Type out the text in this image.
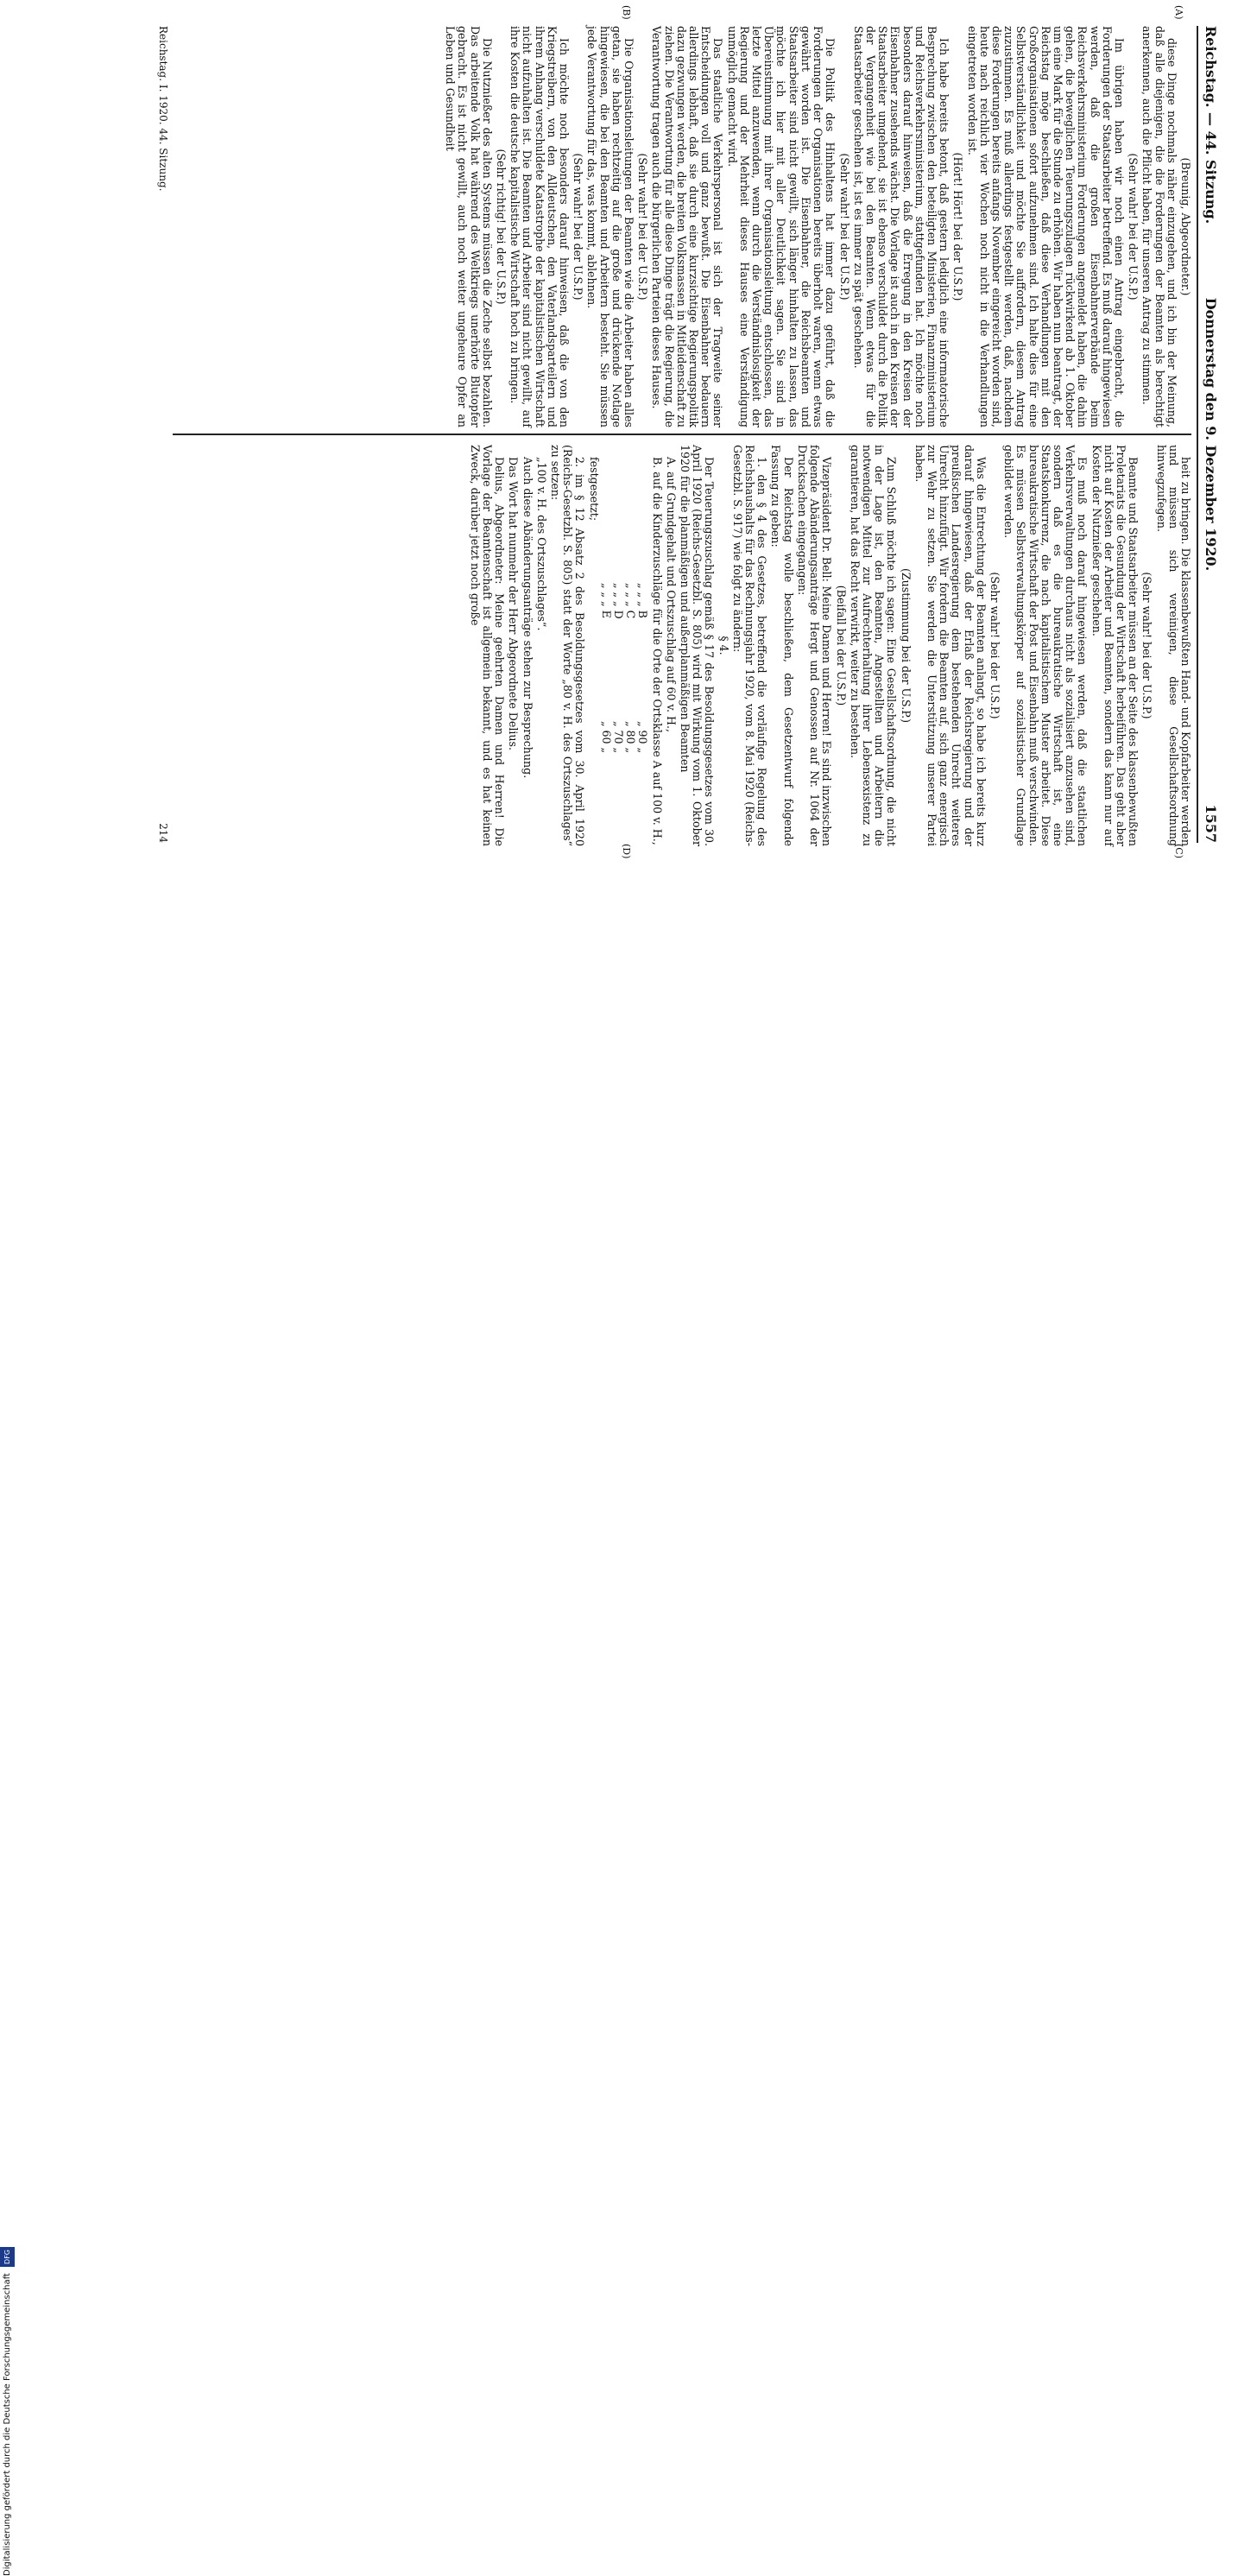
Reichstag. — 44. Sitzung.
Donnerstag den 9. Dezember 1920.
1557
(A)
(B)
(C)
(D)

(Breunig, Abgeordneter.)

diese Dinge nochmals näher einzugehen, und ich bin der Meinung, daß alle diejenigen, die die Forderungen der Beamten als berechtigt anerkennen, auch die Pflicht haben, für unseren Antrag zu stimmen.

(Sehr wahr! bei der U.S.P.)

Im übrigen haben wir noch einen Antrag eingebracht, die Forderungen der Staatsarbeiter betreffend. Es muß darauf hingewiesen werden, daß die großen Eisenbahnerverbände beim Reichsverkehrsministerium Forderungen angemeldet haben, die dahin gehen, die beweglichen Teuerungszulagen rückwirkend ab 1. Oktober um eine Mark für die Stunde zu erhöhen. Wir haben nun beantragt, der Reichstag möge beschließen, daß diese Verhandlungen mit den Großorganisationen sofort aufzunehmen sind. Ich halte dies für eine Selbstverständlichkeit und möchte Sie auffordern, diesem Antrag zuzustimmen. Es muß allerdings festgestellt werden, daß, nachdem diese Forderungen bereits anfangs November eingereicht worden sind, heute nach reichlich vier Wochen noch nicht in die Verhandlungen eingetreten worden ist.

(Hört! Hört! bei der U.S.P.)

Ich habe bereits betont, daß gestern lediglich eine informatorische Besprechung zwischen den beteiligten Ministerien, Finanzministerium und Reichsverkehrsministerium, stattgefunden hat. Ich möchte noch besonders darauf hinweisen, daß die Erregung in den Kreisen der Eisenbahner zusehends wächst. Die Vorlage ist auch in den Kreisen der Staatsarbeiter umgehend, sie ist ebenso verschuldet durch die Politik der Vergangenheit wie bei den Beamten. Wenn etwas für die Staatsarbeiter geschehen ist, ist es immer zu spät geschehen.

(Sehr wahr! bei der U.S.P.)

Die Politik des Hinhaltens hat immer dazu geführt, daß die Forderungen der Organisationen bereits überholt waren, wenn etwas gewährt worden ist. Die Eisenbahner, die Reichsbeamten und Staatsarbeiter sind nicht gewillt, sich länger hinhalten zu lassen, das möchte ich hier mit aller Deutlichkeit sagen. Sie sind in Übereinstimmung mit ihrer Organisationsleitung entschlossen, das letzte Mittel anzuwenden, wenn durch die Verständnislosigkeit der Regierung und der Mehrheit dieses Hauses eine Verständigung unmöglich gemacht wird.

Das staatliche Verkehrspersonal ist sich der Tragweite seiner Entscheidungen voll und ganz bewußt. Die Eisenbahner bedauern allerdings lebhaft, daß sie durch eine kurzsichtige Regierungspolitik dazu gezwungen werden, die breiten Volksmassen in Mitleidenschaft zu ziehen. Die Verantwortung für alle diese Dinge trägt die Regierung, die Verantwortung tragen auch die bürgerlichen Parteien dieses Hauses.

(Sehr wahr! bei der U.S.P.)

Die Organisationsleitungen der Beamten wie die Arbeiter haben alles getan, sie haben rechtzeitig auf die große und drückende Notlage hingewiesen, die bei den Beamten und Arbeitern besteht. Sie müssen jede Verantwortung für das, was kommt, ablehnen.

(Sehr wahr! bei der U.S.P.)

Ich möchte noch besonders darauf hinweisen, daß die von den Kriegstreibern, von den Alldeutschen, den Vaterlandsparteilern und ihrem Anhang verschuldete Katastrophe der kapitalistischen Wirtschaft nicht aufzuhalten ist. Die Beamten und Arbeiter sind nicht gewillt, auf ihre Kosten die deutsche kapitalistische Wirtschaft hoch zu bringen.

(Sehr richtig! bei der U.S.P.)

Die Nutznießer des alten Systems müssen die Zeche selbst bezahlen. Das arbeitende Volk hat während des Weltkriegs unerhörte Blutopfer gebracht. Es ist nicht gewillt, auch noch weiter ungeheure Opfer an Leben und Gesundheit

heit zu bringen. Die klassenbewußten Hand- und Kopfarbeiter werden und müssen sich vereinigen, diese Gesellschaftsordnung hinwegzufegen.

(Sehr wahr! bei der U.S.P.)

Beamte und Staatsarbeiter müssen an der Seite des klassenbewußten Proletariats die Gesundung der Wirtschaft herbeiführen. Das geht aber nicht auf Kosten der Arbeiter und Beamten, sondern das kann nur auf Kosten der Nutznießer geschehen.

Es muß noch darauf hingewiesen werden, daß die staatlichen Verkehrsverwaltungen durchaus nicht als sozialisiert anzusehen sind, sondern daß es die bureaukratische Wirtschaft ist, eine Staatskonkurrenz, die nach kapitalistischem Muster arbeitet. Diese bureaukratische Wirtschaft der Post und Eisenbahn muß verschwinden. Es müssen Selbstverwaltungskörper auf sozialistischer Grundlage gebildet werden.

(Sehr wahr! bei der U.S.P.)

Was die Entrechtung der Beamten anlangt, so habe ich bereits kurz darauf hingewiesen, daß der Erlaß der Reichsregierung und der preußischen Landesregierung dem bestehenden Unrecht weiteres Unrecht hinzufügt. Wir fordern die Beamten auf, sich ganz energisch zur Wehr zu setzen. Sie werden die Unterstützung unserer Partei haben.

(Zustimmung bei der U.S.P.)

Zum Schluß möchte ich sagen: Eine Gesellschaftsordnung, die nicht in der Lage ist, den Beamten, Angestellten und Arbeitern die notwendigen Mittel zur Aufrechterhaltung ihrer Lebensexistenz zu garantieren, hat das Recht verwirkt, weiter zu bestehen.

(Beifall bei der U.S.P.)

Vizepräsident Dr. Bell: Meine Damen und Herren! Es sind inzwischen folgende Abänderungsanträge Hergt und Genossen auf Nr. 1064 der Drucksachen eingegangen:

Der Reichstag wolle beschließen, dem Gesetzentwurf folgende Fassung zu geben:

1. den § 4 des Gesetzes, betreffend die vorläufige Regelung des Reichshaushalts für das Rechnungsjahr 1920, vom 8. Mai 1920 (Reichs-Gesetzbl. S. 917) wie folgt zu ändern:

§ 4.

Der Teuerungszuschlag gemäß § 17 des Besoldungsgesetzes vom 30. April 1920 (Reichs-Gesetzbl. S. 805) wird mit Wirkung vom 1. Oktober 1920 für die planmäßigen und außerplanmäßigen Beamten

A. auf Grundgehalt und Ortszuschlag auf 60 v. H.,

B. auf die Kinderzuschläge für die Orte der Ortsklasse A auf 100 v. H.,

„ „ „ B
„ 90 „
„ „ „ C
„ 80 „
„ „ „ D
„ 70 „
„ „ „ E
„ 60 „

festgesetzt;

2. im § 12 Absatz 2 des Besoldungsgesetzes vom 30. April 1920 (Reichs-Gesetzbl. S. 805) statt der Worte „80 v. H. des Ortszuschlages“ zu setzen:

„100 v. H. des Ortszuschlages“.

Auch diese Abänderungsanträge stehen zur Besprechung.

Das Wort hat nunmehr der Herr Abgeordnete Delius.

Delius, Abgeordneter: Meine geehrten Damen und Herren! Die Vorlage der Beamtenschaft ist allgemein bekannt, und es hat keinen Zweck, darüber jetzt noch große

Reichstag. I. 1920. 44. Sitzung.
214
Digitalisierung gefördert durch die Deutsche Forschungsgemeinschaft DFG
